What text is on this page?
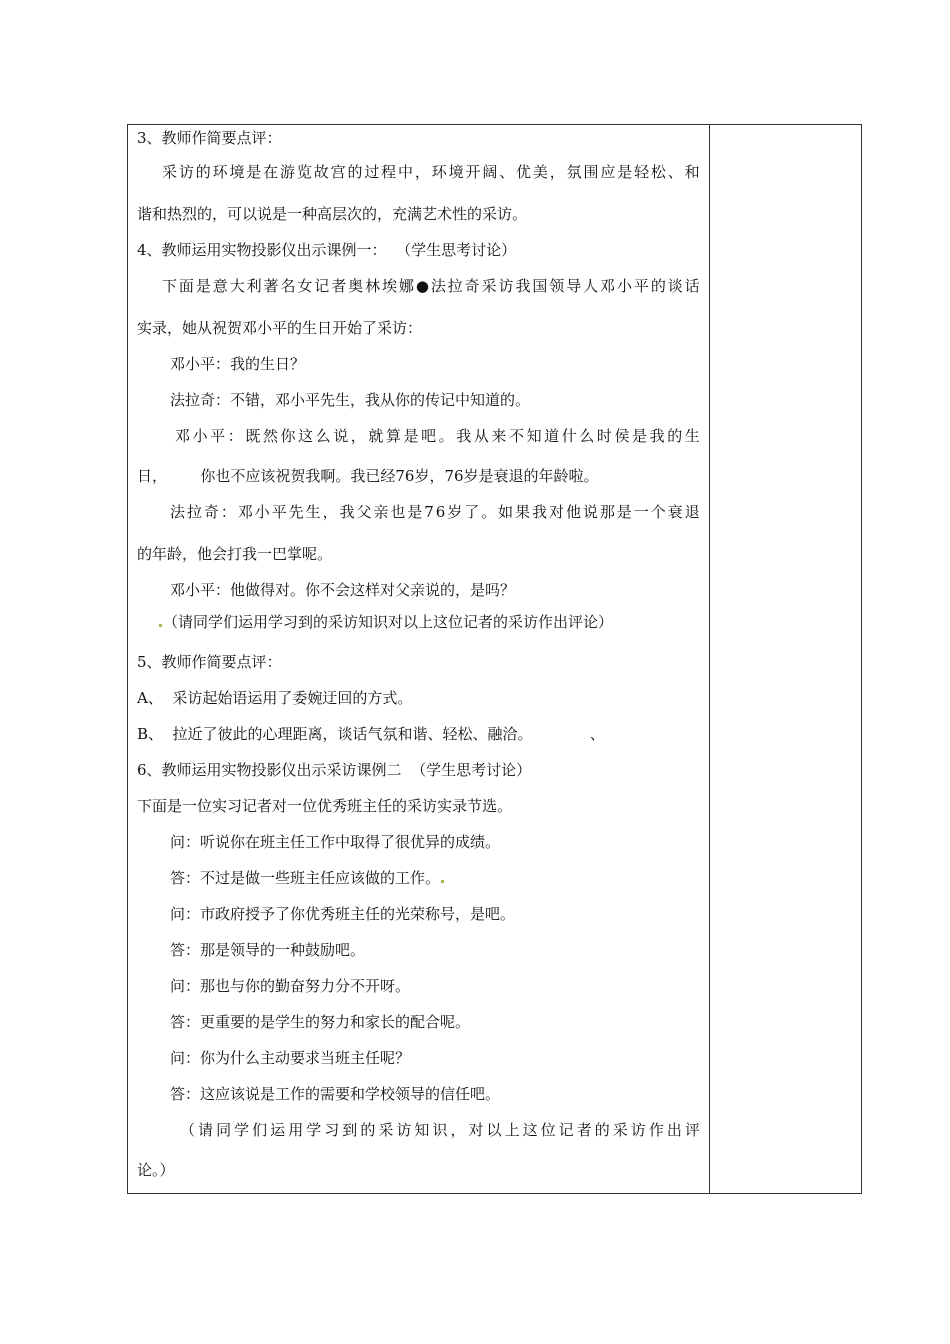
3、教师作简要点评：
采 访 的 环 境 是 在 游 览 故 宫 的 过 程 中 ， 环 境 开 阔 、 优 美 ， 氛 围 应 是 轻 松 、 和
谐和热烈的，可以说是一种高层次的，充满艺术性的采访。
4、教师运用实物投影仪出示课例一：  （学生思考讨论）
下 面 是 意 大 利 著 名 女 记 者 奥 林 埃 娜 ● 法 拉 奇 采 访 我 国 领 导 人 邓 小 平 的 谈 话
实录，她从祝贺邓小平的生日开始了采访：
邓小平：我的生日？
法拉奇：不错，邓小平先生，我从你的传记中知道的。
邓 小 平 ： 既 然 你 这 么 说 ， 就 算 是 吧 。 我 从 来 不 知 道 什 么 时 侯 是 我 的 生
日，       你也不应该祝贺我啊。我已经76岁，76岁是衰退的年龄啦。
法 拉 奇 ： 邓 小 平 先 生 ， 我 父 亲 也 是 7 6 岁 了 。 如 果 我 对 他 说 那 是 一 个 衰 退
的年龄，他会打我一巴掌呢。
邓小平：他做得对。你不会这样对父亲说的，是吗？
（请同学们运用学习到的采访知识对以上这位记者的采访作出评论）
5、教师作简要点评：
A、  采访起始语运用了委婉迂回的方式。
B、  拉近了彼此的心理距离，谈话气氛和谐、轻松、融洽。            、
6、教师运用实物投影仪出示采访课例二  （学生思考讨论）
下面是一位实习记者对一位优秀班主任的采访实录节选。
问：听说你在班主任工作中取得了很优异的成绩。
答：不过是做一些班主任应该做的工作。
问：市政府授予了你优秀班主任的光荣称号，是吧。
答：那是领导的一种鼓励吧。
问：那也与你的勤奋努力分不开呀。
答：更重要的是学生的努力和家长的配合呢。
问：你为什么主动要求当班主任呢？
答：这应该说是工作的需要和学校领导的信任吧。
（ 请 同 学 们 运 用 学 习 到 的 采 访 知 识 ， 对 以 上 这 位 记 者 的 采 访 作 出 评
论。）
